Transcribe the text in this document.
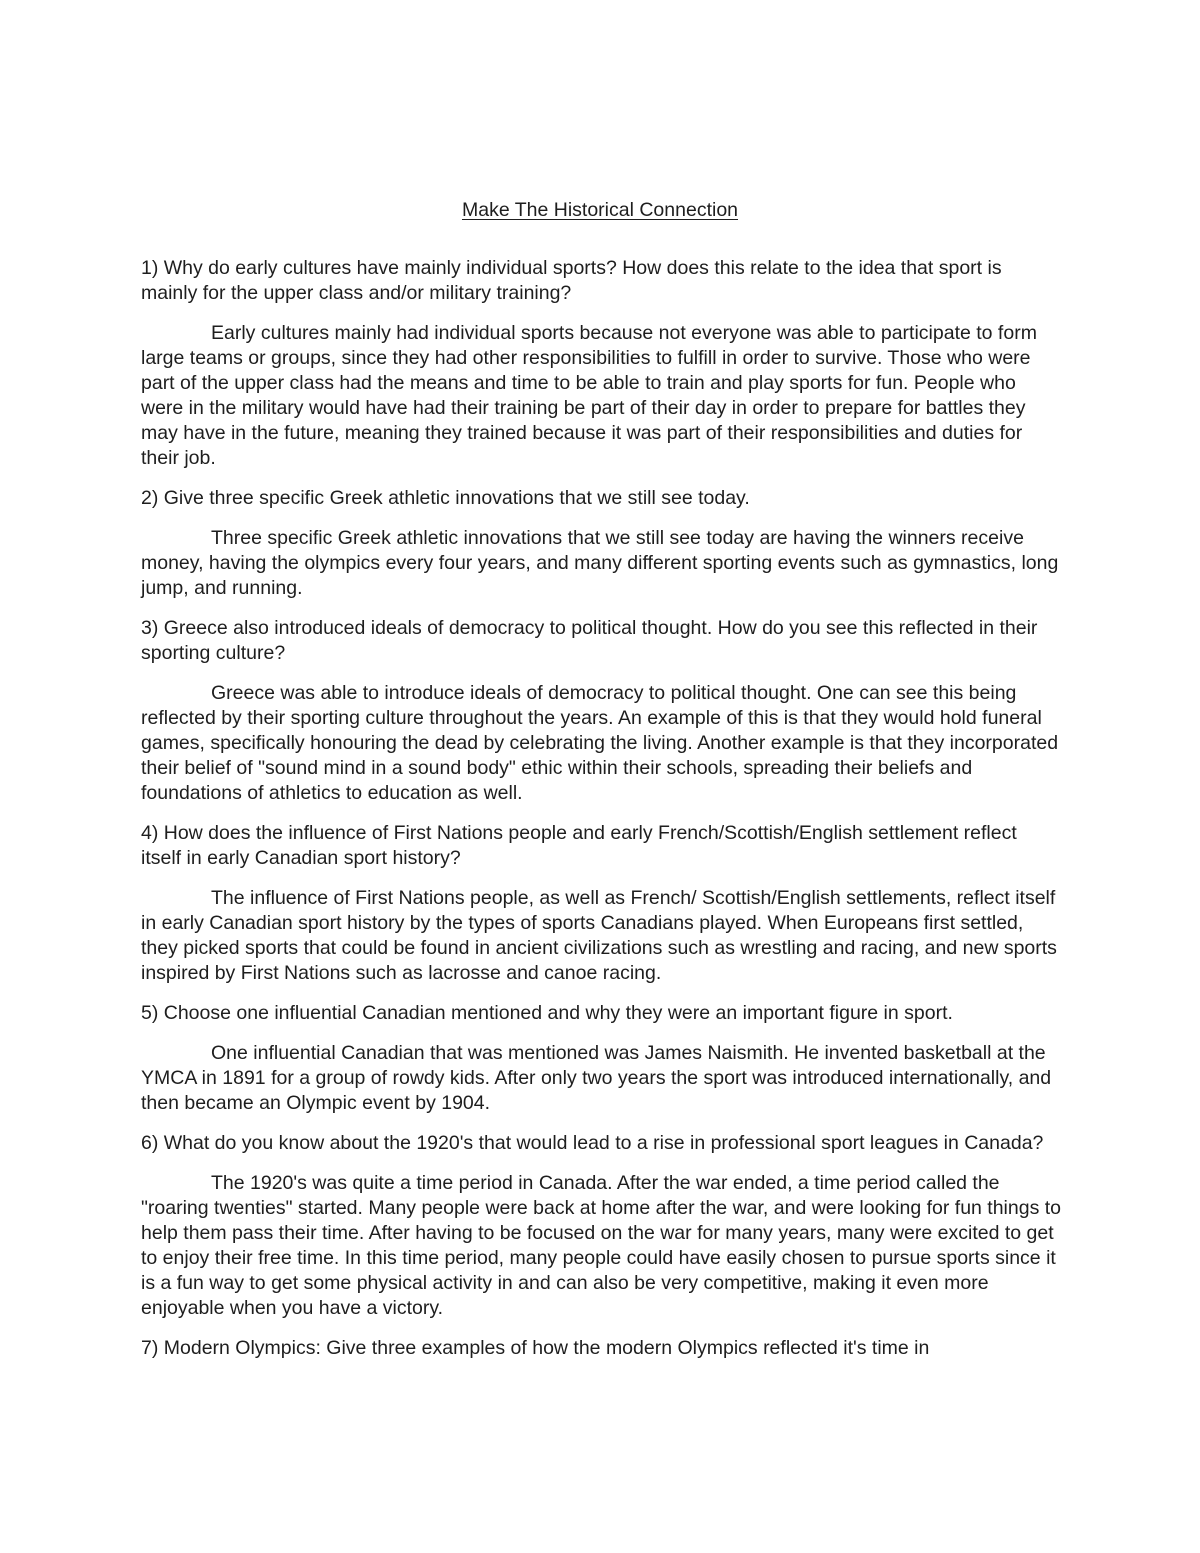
Make The Historical Connection

1) Why do early cultures have mainly individual sports? How does this relate to the idea that sport is mainly for the upper class and/or military training?

Early cultures mainly had individual sports because not everyone was able to participate to form large teams or groups, since they had other responsibilities to fulfill in order to survive. Those who were part of the upper class had the means and time to be able to train and play sports for fun. People who were in the military would have had their training be part of their day in order to prepare for battles they may have in the future, meaning they trained because it was part of their responsibilities and duties for their job.

2) Give three specific Greek athletic innovations that we still see today.

Three specific Greek athletic innovations that we still see today are having the winners receive money, having the olympics every four years, and many different sporting events such as gymnastics, long jump, and running.

3) Greece also introduced ideals of democracy to political thought. How do you see this reflected in their sporting culture?

Greece was able to introduce ideals of democracy to political thought. One can see this being reflected by their sporting culture throughout the years. An example of this is that they would hold funeral games, specifically honouring the dead by celebrating the living. Another example is that they incorporated their belief of "sound mind in a sound body" ethic within their schools, spreading their beliefs and foundations of athletics to education as well.

4) How does the influence of First Nations people and early French/Scottish/English settlement reflect itself in early Canadian sport history?

The influence of First Nations people, as well as French/ Scottish/English settlements, reflect itself in early Canadian sport history by the types of sports Canadians played. When Europeans first settled, they picked sports that could be found in ancient civilizations such as wrestling and racing, and new sports inspired by First Nations such as lacrosse and canoe racing.

5) Choose one influential Canadian mentioned and why they were an important figure in sport.

One influential Canadian that was mentioned was James Naismith. He invented basketball at the YMCA in 1891 for a group of rowdy kids. After only two years the sport was introduced internationally, and then became an Olympic event by 1904.

6) What do you know about the 1920's that would lead to a rise in professional sport leagues in Canada?

The 1920's was quite a time period in Canada. After the war ended, a time period called the "roaring twenties" started. Many people were back at home after the war, and were looking for fun things to help them pass their time. After having to be focused on the war for many years, many were excited to get to enjoy their free time. In this time period, many people could have easily chosen to pursue sports since it is a fun way to get some physical activity in and can also be very competitive, making it even more enjoyable when you have a victory.

7) Modern Olympics: Give three examples of how the modern Olympics reflected it's time in
